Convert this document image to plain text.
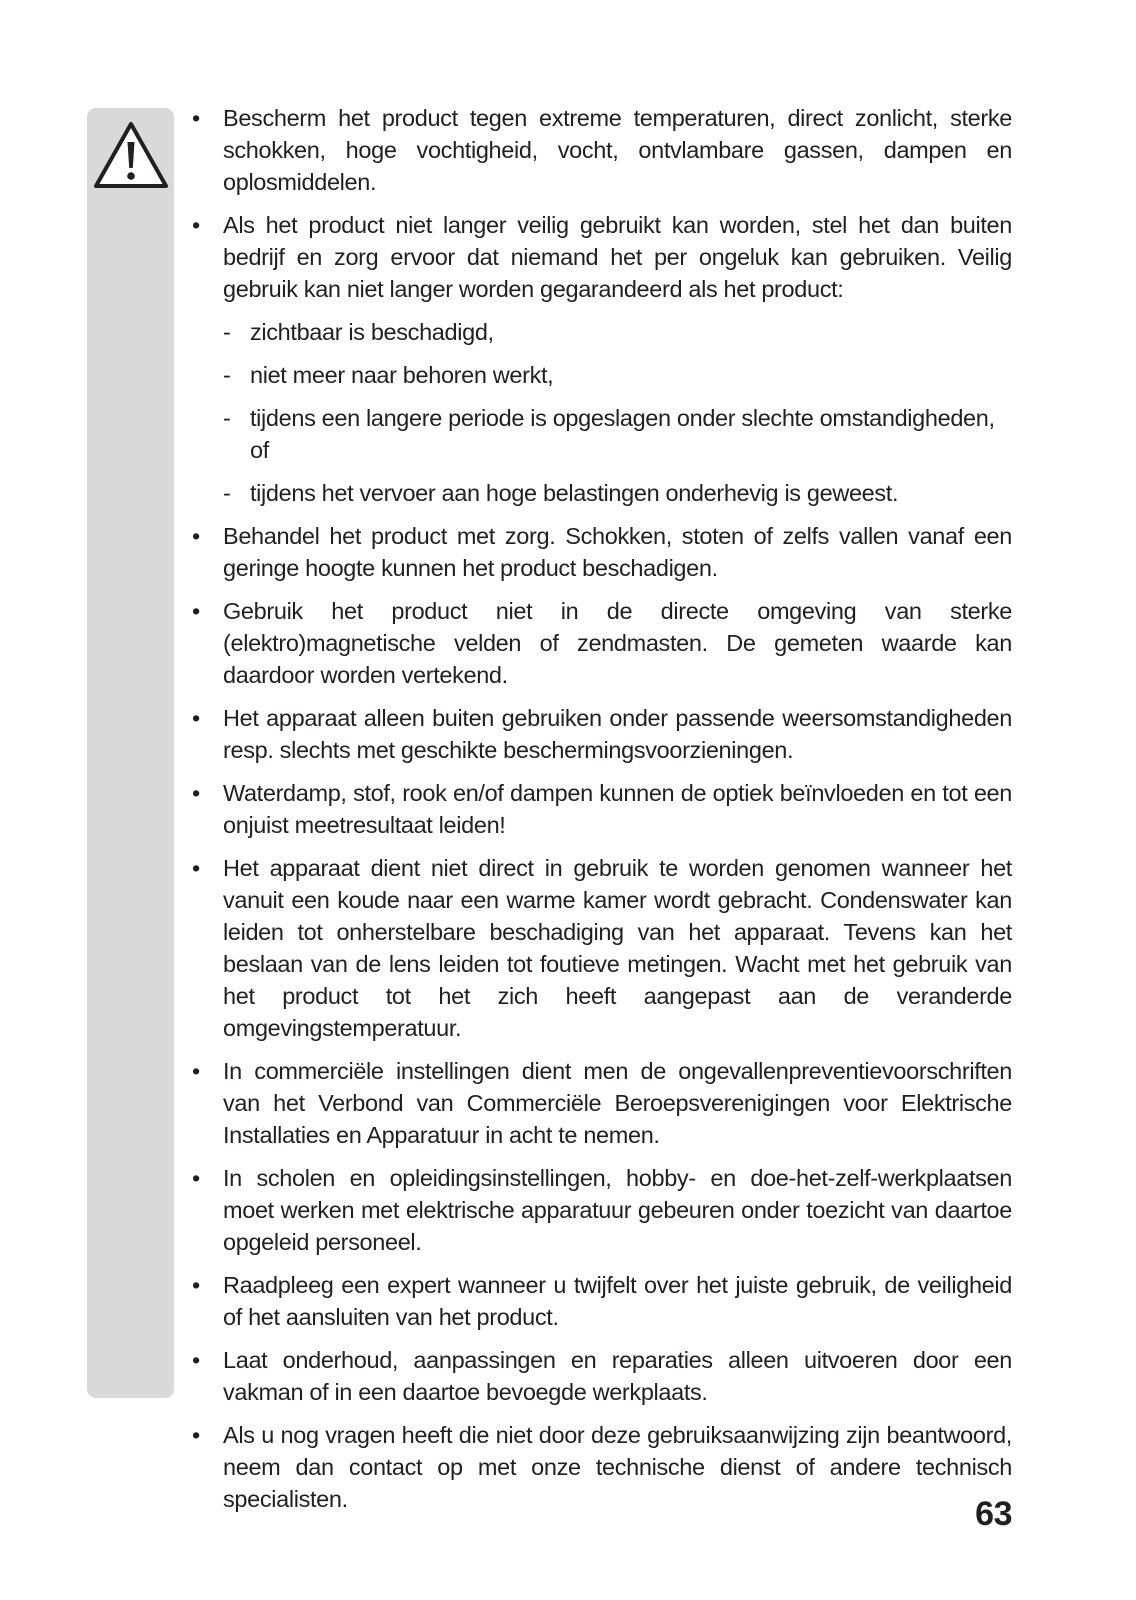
• Bescherm het product tegen extreme temperaturen, direct zonlicht, sterke schokken, hoge vochtigheid, vocht, ontvlambare gassen, dampen en oplosmiddelen.
• Als het product niet langer veilig gebruikt kan worden, stel het dan buiten bedrijf en zorg ervoor dat niemand het per ongeluk kan gebruiken. Veilig gebruik kan niet langer worden gegarandeerd als het product:
- zichtbaar is beschadigd,
- niet meer naar behoren werkt,
- tijdens een langere periode is opgeslagen onder slechte omstandigheden, of
- tijdens het vervoer aan hoge belastingen onderhevig is geweest.
• Behandel het product met zorg. Schokken, stoten of zelfs vallen vanaf een geringe hoogte kunnen het product beschadigen.
• Gebruik het product niet in de directe omgeving van sterke (elektro)magnetische velden of zendmasten. De gemeten waarde kan daardoor worden vertekend.
• Het apparaat alleen buiten gebruiken onder passende weersomstandigheden resp. slechts met geschikte beschermingsvoorzieningen.
• Waterdamp, stof, rook en/of dampen kunnen de optiek beïnvloeden en tot een onjuist meetresultaat leiden!
• Het apparaat dient niet direct in gebruik te worden genomen wanneer het vanuit een koude naar een warme kamer wordt gebracht. Condenswater kan leiden tot onherstelbare beschadiging van het apparaat. Tevens kan het beslaan van de lens leiden tot foutieve metingen. Wacht met het gebruik van het product tot het zich heeft aangepast aan de veranderde omgevingstemperatuur.
• In commerciële instellingen dient men de ongevallenpreventievoorschriften van het Verbond van Commerciële Beroepsverenigingen voor Elektrische Installaties en Apparatuur in acht te nemen.
• In scholen en opleidingsinstellingen, hobby- en doe-het-zelf-werkplaatsen moet werken met elektrische apparatuur gebeuren onder toezicht van daartoe opgeleid personeel.
• Raadpleeg een expert wanneer u twijfelt over het juiste gebruik, de veiligheid of het aansluiten van het product.
• Laat onderhoud, aanpassingen en reparaties alleen uitvoeren door een vakman of in een daartoe bevoegde werkplaats.
• Als u nog vragen heeft die niet door deze gebruiksaanwijzing zijn beantwoord, neem dan contact op met onze technische dienst of andere technisch specialisten.	63
